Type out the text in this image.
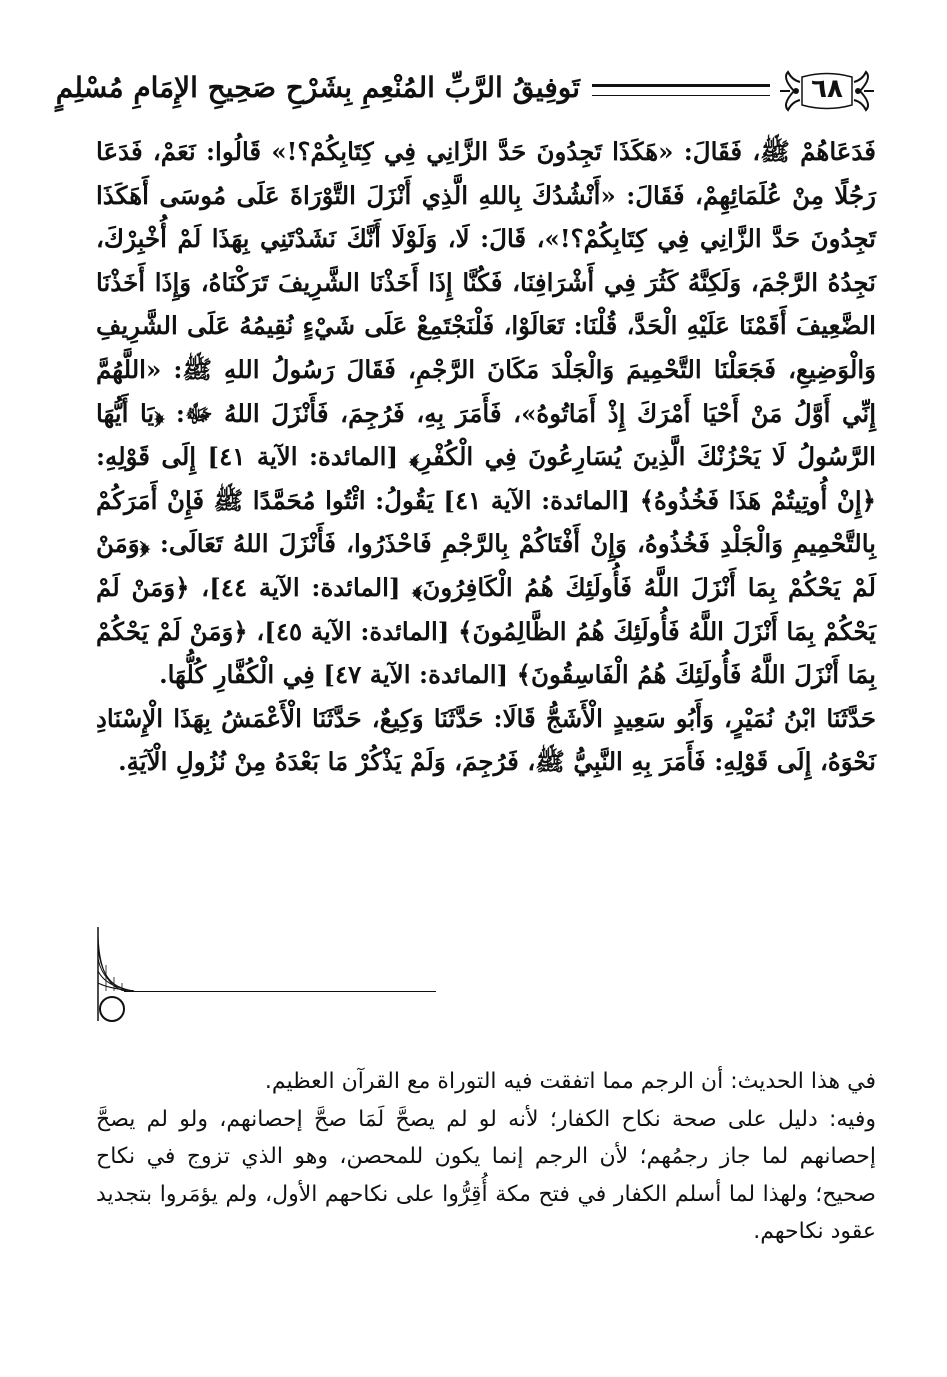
٦٨
تَوفِيقُ الرَّبِّ المُنْعِمِ بِشَرْحِ صَحِيحِ الإِمَامِ مُسْلِمٍ

فَدَعَاهُمْ ﷺ، فَقَالَ: «هَكَذَا تَجِدُونَ حَدَّ الزَّانِي فِي كِتَابِكُمْ؟!» قَالُوا: نَعَمْ، فَدَعَا رَجُلًا مِنْ عُلَمَائِهِمْ، فَقَالَ: «أَنْشُدُكَ بِاللهِ الَّذِي أَنْزَلَ التَّوْرَاةَ عَلَى مُوسَى أَهَكَذَا تَجِدُونَ حَدَّ الزَّانِي فِي كِتَابِكُمْ؟!»، قَالَ: لَا، وَلَوْلَا أَنَّكَ نَشَدْتَنِي بِهَذَا لَمْ أُخْبِرْكَ، نَجِدُهُ الرَّجْمَ، وَلَكِنَّهُ كَثُرَ فِي أَشْرَافِنَا، فَكُنَّا إِذَا أَخَذْنَا الشَّرِيفَ تَرَكْنَاهُ، وَإِذَا أَخَذْنَا الضَّعِيفَ أَقَمْنَا عَلَيْهِ الْحَدَّ، قُلْنَا: تَعَالَوْا، فَلْنَجْتَمِعْ عَلَى شَيْءٍ نُقِيمُهُ عَلَى الشَّرِيفِ وَالْوَضِيعِ، فَجَعَلْنَا التَّحْمِيمَ وَالْجَلْدَ مَكَانَ الرَّجْمِ، فَقَالَ رَسُولُ اللهِ ﷺ: «اللَّهُمَّ إِنِّي أَوَّلُ مَنْ أَحْيَا أَمْرَكَ إِذْ أَمَاتُوهُ»، فَأَمَرَ بِهِ، فَرُجِمَ، فَأَنْزَلَ اللهُ ﷻ: ﴿يَا أَيُّهَا الرَّسُولُ لَا يَحْزُنْكَ الَّذِينَ يُسَارِعُونَ فِي الْكُفْرِ﴾ [المائدة: الآية ٤١] إِلَى قَوْلِهِ: ﴿إِنْ أُوتِيتُمْ هَذَا فَخُذُوهُ﴾ [المائدة: الآية ٤١] يَقُولُ: ائْتُوا مُحَمَّدًا ﷺ فَإِنْ أَمَرَكُمْ بِالتَّحْمِيمِ وَالْجَلْدِ فَخُذُوهُ، وَإِنْ أَفْتَاكُمْ بِالرَّجْمِ فَاحْذَرُوا، فَأَنْزَلَ اللهُ تَعَالَى: ﴿وَمَنْ لَمْ يَحْكُمْ بِمَا أَنْزَلَ اللَّهُ فَأُولَئِكَ هُمُ الْكَافِرُونَ﴾ [المائدة: الآية ٤٤]، ﴿وَمَنْ لَمْ يَحْكُمْ بِمَا أَنْزَلَ اللَّهُ فَأُولَئِكَ هُمُ الظَّالِمُونَ﴾ [المائدة: الآية ٤٥]، ﴿وَمَنْ لَمْ يَحْكُمْ بِمَا أَنْزَلَ اللَّهُ فَأُولَئِكَ هُمُ الْفَاسِقُونَ﴾ [المائدة: الآية ٤٧] فِي الْكُفَّارِ كُلُّهَا.

حَدَّثَنَا ابْنُ نُمَيْرٍ، وَأَبُو سَعِيدٍ الْأَشَجُّ قَالَا: حَدَّثَنَا وَكِيعٌ، حَدَّثَنَا الْأَعْمَشُ بِهَذَا الْإِسْنَادِ نَحْوَهُ، إِلَى قَوْلِهِ: فَأَمَرَ بِهِ النَّبِيُّ ﷺ، فَرُجِمَ، وَلَمْ يَذْكُرْ مَا بَعْدَهُ مِنْ نُزُولِ الْآيَةِ.

في هذا الحديث: أن الرجم مما اتفقت فيه التوراة مع القرآن العظيم.

وفيه: دليل على صحة نكاح الكفار؛ لأنه لو لم يصحَّ لَمَا صحَّ إحصانهم، ولو لم يصحَّ إحصانهم لما جاز رجمُهم؛ لأن الرجم إنما يكون للمحصن، وهو الذي تزوج في نكاح صحيح؛ ولهذا لما أسلم الكفار في فتح مكة أُقِرُّوا على نكاحهم الأول، ولم يؤمَروا بتجديد عقود نكاحهم.
